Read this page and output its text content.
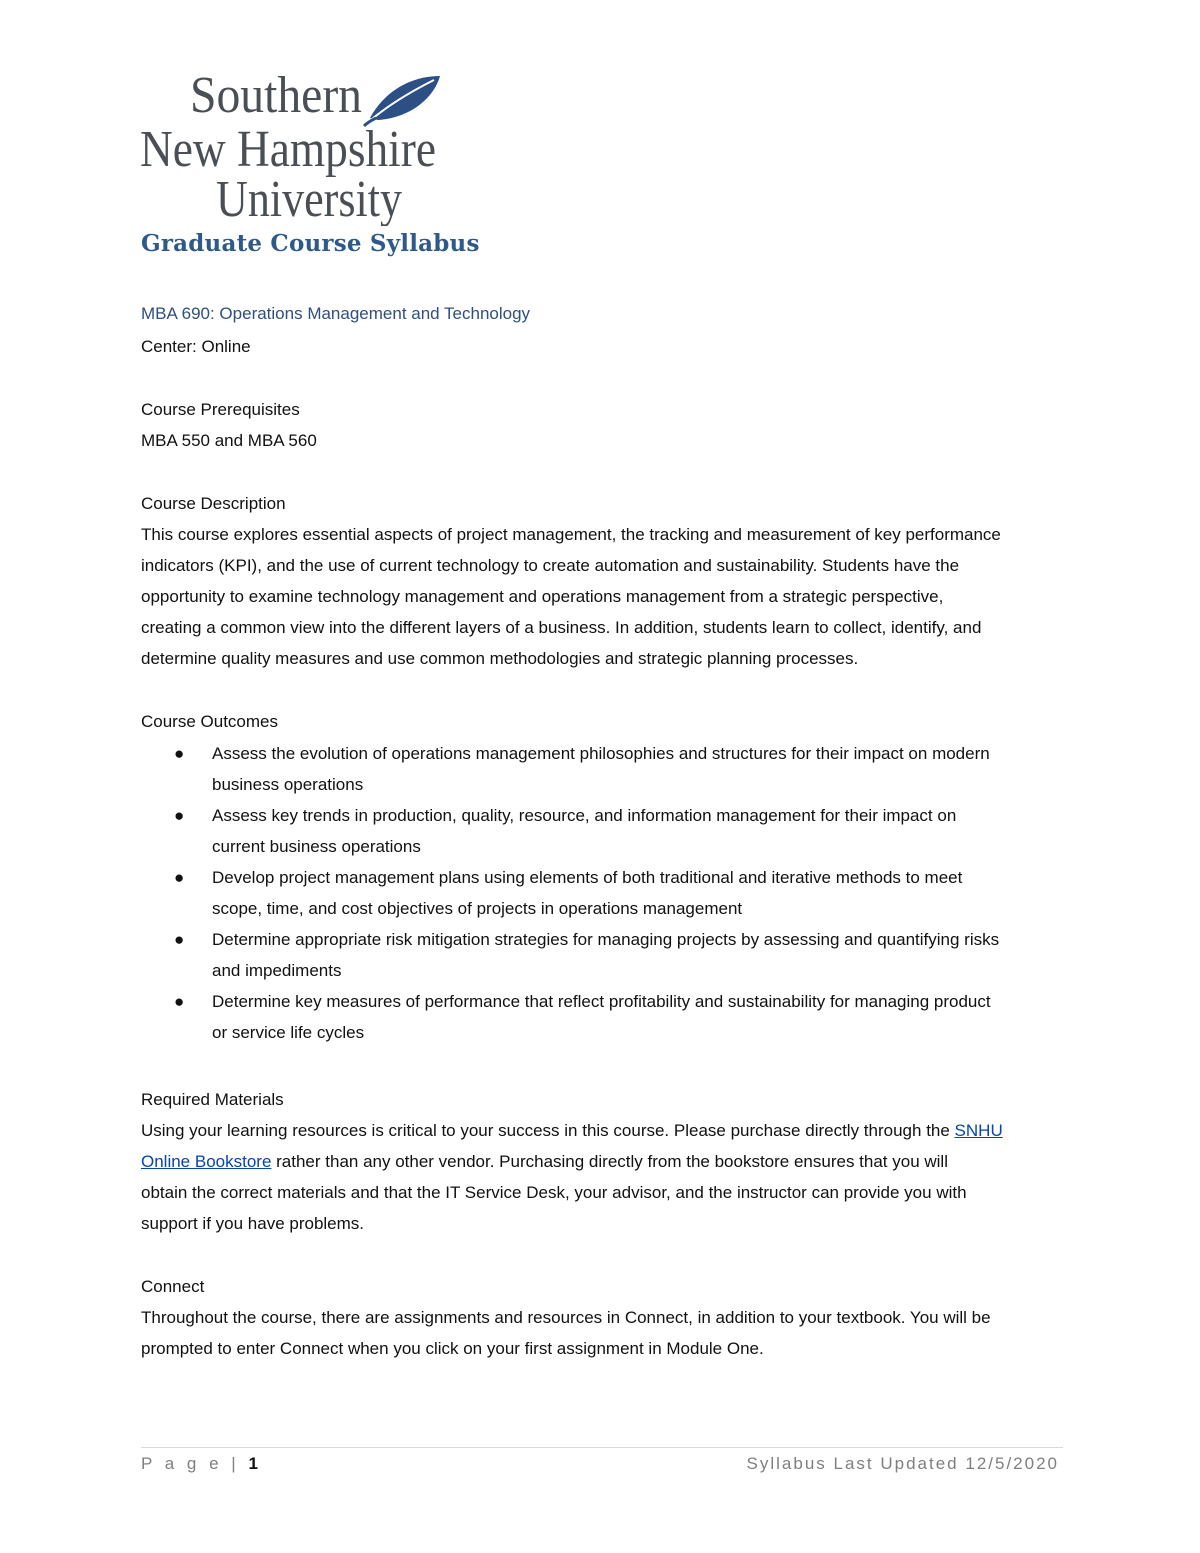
Southern
New Hampshire
University
Graduate Course Syllabus

MBA 690: Operations Management and Technology

Center: Online

Course Prerequisites

MBA 550 and MBA 560

Course Description

This course explores essential aspects of project management, the tracking and measurement of key performance
indicators (KPI), and the use of current technology to create automation and sustainability. Students have the
opportunity to examine technology management and operations management from a strategic perspective,
creating a common view into the different layers of a business. In addition, students learn to collect, identify, and
determine quality measures and use common methodologies and strategic planning processes.

Course Outcomes

● Assess the evolution of operations management philosophies and structures for their impact on modern
business operations
● Assess key trends in production, quality, resource, and information management for their impact on
current business operations
● Develop project management plans using elements of both traditional and iterative methods to meet
scope, time, and cost objectives of projects in operations management
● Determine appropriate risk mitigation strategies for managing projects by assessing and quantifying risks
and impediments
● Determine key measures of performance that reflect profitability and sustainability for managing product
or service life cycles

Required Materials

Using your learning resources is critical to your success in this course. Please purchase directly through the SNHU
Online Bookstore rather than any other vendor. Purchasing directly from the bookstore ensures that you will
obtain the correct materials and that the IT Service Desk, your advisor, and the instructor can provide you with
support if you have problems.

Connect

Throughout the course, there are assignments and resources in Connect, in addition to your textbook. You will be
prompted to enter Connect when you click on your first assignment in Module One.
P a g e | 1	Syllabus Last Updated 12/5/2020
